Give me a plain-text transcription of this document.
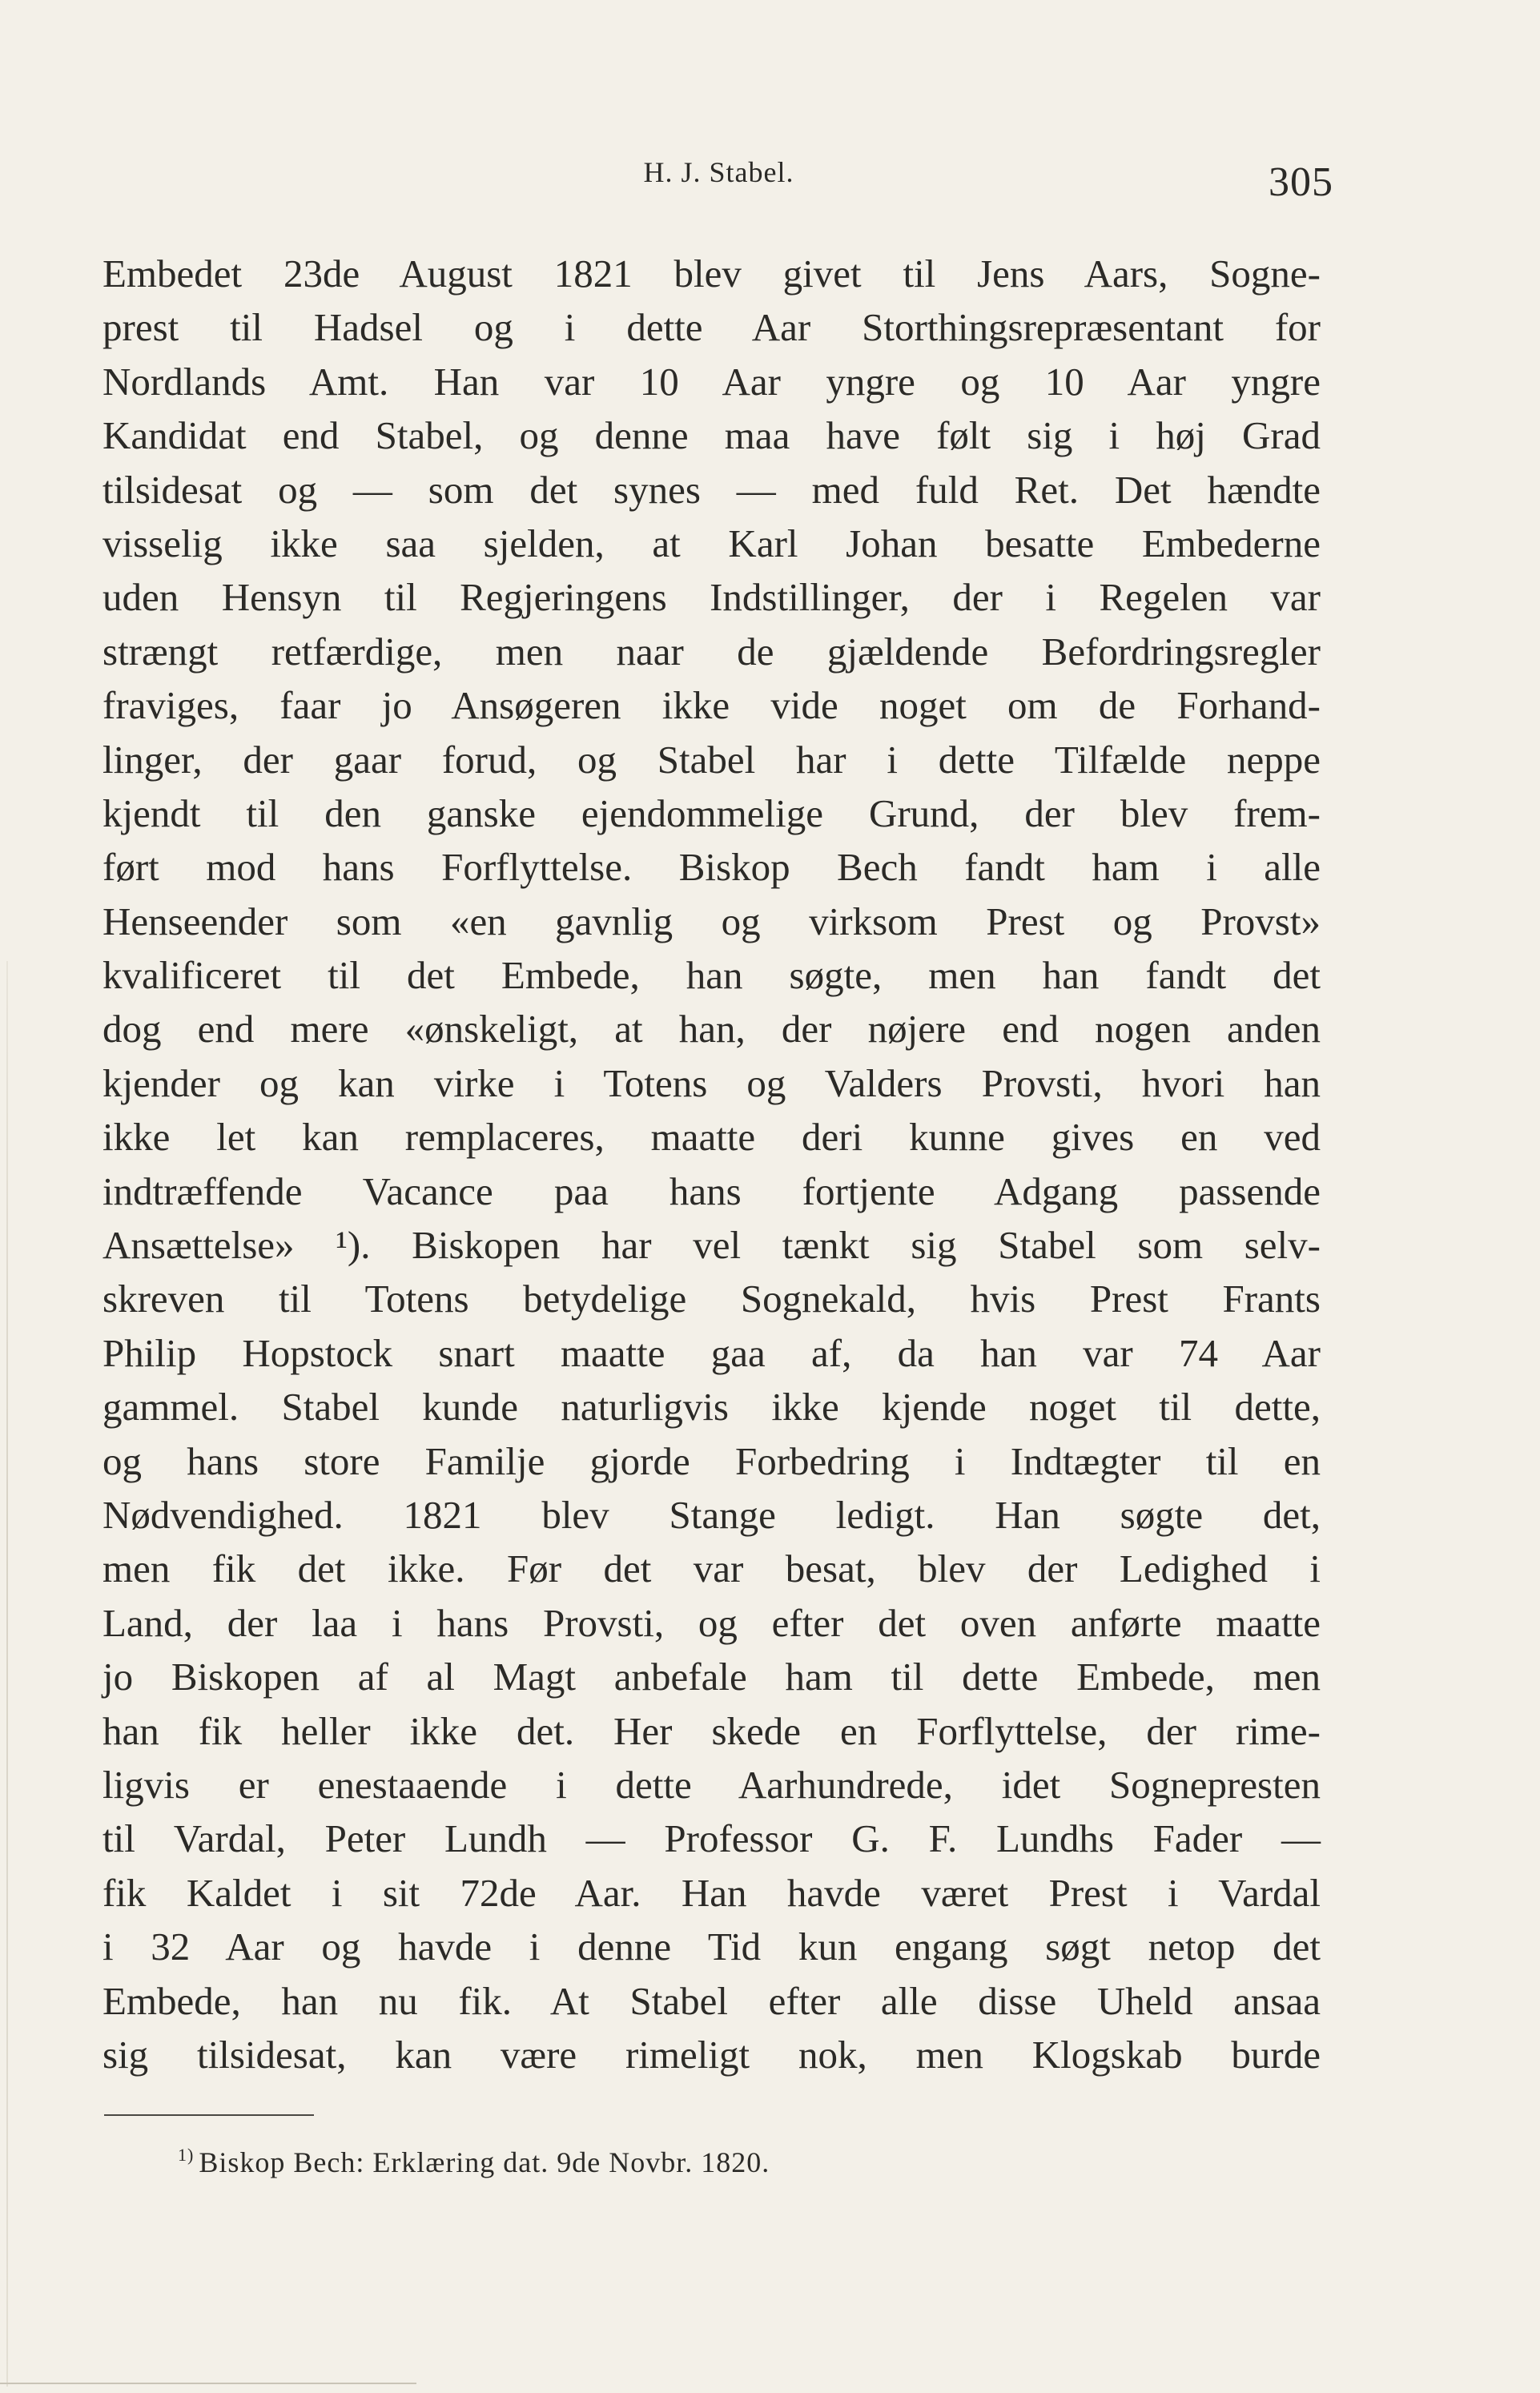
H. J. Stabel.	305
Embedet 23de August 1821 blev givet til Jens Aars, Sogne-
prest til Hadsel og i dette Aar Storthingsrepræsentant for
Nordlands Amt. Han var 10 Aar yngre og 10 Aar yngre
Kandidat end Stabel, og denne maa have følt sig i høj Grad
tilsidesat og — som det synes — med fuld Ret. Det hændte
visselig ikke saa sjelden, at Karl Johan besatte Embederne
uden Hensyn til Regjeringens Indstillinger, der i Regelen var
strængt retfærdige, men naar de gjældende Befordringsregler
fraviges, faar jo Ansøgeren ikke vide noget om de Forhand-
linger, der gaar forud, og Stabel har i dette Tilfælde neppe
kjendt til den ganske ejendommelige Grund, der blev frem-
ført mod hans Forflyttelse. Biskop Bech fandt ham i alle
Henseender som «en gavnlig og virksom Prest og Provst»
kvalificeret til det Embede, han søgte, men han fandt det
dog end mere «ønskeligt, at han, der nøjere end nogen anden
kjender og kan virke i Totens og Valders Provsti, hvori han
ikke let kan remplaceres, maatte deri kunne gives en ved
indtræffende Vacance paa hans fortjente Adgang passende
Ansættelse» ¹). Biskopen har vel tænkt sig Stabel som selv-
skreven til Totens betydelige Sognekald, hvis Prest Frants
Philip Hopstock snart maatte gaa af, da han var 74 Aar
gammel. Stabel kunde naturligvis ikke kjende noget til dette,
og hans store Familje gjorde Forbedring i Indtægter til en
Nødvendighed. 1821 blev Stange ledigt. Han søgte det,
men fik det ikke. Før det var besat, blev der Ledighed i
Land, der laa i hans Provsti, og efter det oven anførte maatte
jo Biskopen af al Magt anbefale ham til dette Embede, men
han fik heller ikke det. Her skede en Forflyttelse, der rime-
ligvis er enestaaende i dette Aarhundrede, idet Sognepresten
til Vardal, Peter Lundh — Professor G. F. Lundhs Fader —
fik Kaldet i sit 72de Aar. Han havde været Prest i Vardal
i 32 Aar og havde i denne Tid kun engang søgt netop det
Embede, han nu fik. At Stabel efter alle disse Uheld ansaa
sig tilsidesat, kan være rimeligt nok, men Klogskab burde
$^{1)}$ Biskop Bech: Erklæring dat. 9de Novbr. 1820.
